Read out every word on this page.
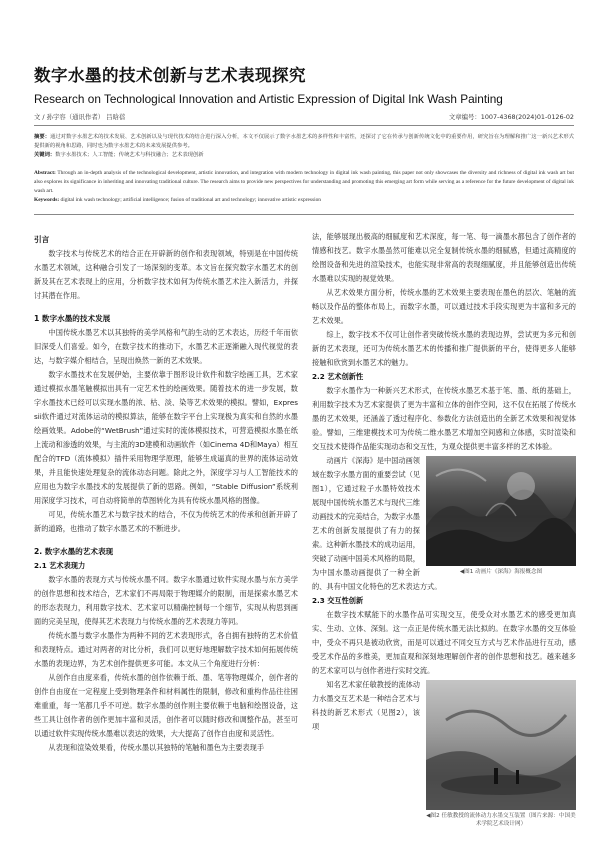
数字水墨的技术创新与艺术表现探究
Research on Technological Innovation and Artistic Expression of Digital Ink Wash Painting
文 / 孙宇容（通讯作者） 吕晗蓓	文章编号：1007-4368(2024)01-0126-02
摘要：通过对数字水墨艺术的技术发展、艺术创新以及与现代技术的结合进行深入分析，本文不仅展示了数字水墨艺术的多样性和丰富性，还探讨了它在传承与创新传统文化中的重要作用，研究旨在为理解和推广这一新兴艺术形式提供新的视角和思路，同时也为数字水墨艺术的未来发展提供参考。
关键词：数字水墨技术；人工智能；传统艺术与科技融合；艺术表现创新
Abstract: Through an in-depth analysis of the technological development, artistic innovation, and integration with modern technology in digital ink wash painting, this paper not only showcases the diversity and richness of digital ink wash art but also explores its significance in inheriting and innovating traditional culture. The research aims to provide new perspectives for understanding and promoting this emerging art form while serving as a reference for the future development of digital ink wash art.
Keywords: digital ink wash technology; artificial intelligence; fusion of traditional art and technology; innovative artistic expression
引言

数字技术与传统艺术的结合正在开辟新的创作和表现领域，特别是在中国传统水墨艺术领域，这种融合引发了一场深刻的变革。本文旨在探究数字水墨艺术的创新及其在艺术表现上的应用，分析数字技术如何为传统水墨艺术注入新活力，并探讨其潜在作用。

1 数字水墨的技术发展

中国传统水墨艺术以其独特的美学风格和气韵生动的艺术表达，历经千年而依旧深受人们喜爱。如今，在数字技术的推动下，水墨艺术正逐渐融入现代视觉的表达，与数字媒介相结合，呈现出焕然一新的艺术效果。

数字水墨技术在发展伊始，主要依靠于图形设计软件和数字绘画工具，艺术家通过模拟水墨笔触模拟出具有一定艺术性的绘画效果。随着技术的进一步发展，数字水墨技术已经可以实现水墨的浓、枯、淡、染等艺术效果的模拟。譬如，Expressii软件通过对流体运动的模拟算法，能够在数字平台上实现极为真实和自然的水墨绘画效果。Adobe的“WetBrush”通过实时的流体模拟技术，可营造模拟水墨在纸上流动和渗透的效果，与主流的3D建模和动画软件（如Cinema 4D和Maya）相互配合的TFD（流体模拟）插件采用物理学原理，能够生成逼真的世界的流体运动效果，并且能快速处理复杂的流体动态问题。除此之外，深度学习与人工智能技术的应用也为数字水墨技术的发展提供了新的思路。例如，“Stable Diffusion”系统利用深度学习技术，可自动将简单的草图转化为具有传统水墨风格的图像。

可见，传统水墨艺术与数字技术的结合，不仅为传统艺术的传承和创新开辟了新的道路，也推动了数字水墨艺术的不断进步。

2. 数字水墨的艺术表现
2.1 艺术表现力

数字水墨的表现方式与传统水墨不同。数字水墨通过软件实现水墨与东方美学的创作思想和技术结合，艺术家们不再局限于物理媒介的限制，而是探索水墨艺术的形态表现力，利用数字技术、艺术家可以精确控制每一个细节，实现从构思到画面的完美呈现，使得其艺术表现力与传统水墨的艺术表现力等同。

传统水墨与数字水墨作为两种不同的艺术表现形式，各自拥有独特的艺术价值和表现特点。通过对两者的对比分析，我们可以更好地理解数字技术如何拓展传统水墨的表现边界，为艺术创作提供更多可能。本文从三个角度进行分析：

从创作自由度来看，传统水墨的创作依赖于纸、墨、笔等物理媒介，创作者的创作自由度在一定程度上受到物理条件和材料属性的限制，修改和重构作品往往困难重重，每一笔都几乎不可逆。数字水墨的创作则主要依赖于电脑和绘图设备，这些工具让创作者的创作更加丰富和灵活，创作者可以随时修改和调整作品，甚至可以通过软件实现传统水墨难以表达的效果，大大提高了创作自由度和灵活性。

从表现和渲染效果看，传统水墨以其独特的笔触和墨色为主要表现手

法，能够展现出极高的细腻度和艺术深度，每一笔、每一滴墨水都包含了创作者的情感和技艺。数字水墨虽然可能难以完全复制传统水墨的细腻感，但通过高精度的绘图设备和先进的渲染技术，也能实现非常高的表现细腻度，并且能够创造出传统水墨难以实现的视觉效果。

从艺术效果方面分析，传统水墨的艺术效果主要表现在墨色的层次、笔触的流畅以及作品的整体布局上，而数字水墨，可以通过技术手段实现更为丰富和多元的艺术效果。

综上，数字技术不仅可让创作者突破传统水墨的表现边界，尝试更为多元和创新的艺术表现，还可为传统水墨艺术的传播和推广提供新的平台，使得更多人能够接触和欣赏到水墨艺术的魅力。

2.2 艺术创新性

数字水墨作为一种新兴艺术形式，在传统水墨艺术基于笔、墨、纸的基础上，利用数字技术为艺术家提供了更为丰富和立体的创作空间，这不仅在拓展了传统水墨的艺术效果，还涵盖了透过程序化、参数化方法创造出的全新艺术效果和视觉体验。譬如，三维建模技术可为传统二维水墨艺术增加空间感和立体感，实时渲染和交互技术使得作品能实现动态和交互性，为观众提供更丰富多样的艺术体验。

◀图1 动画片《深海》海报概念图

动画片《深海》是中国动画领域在数字水墨方面的重要尝试（见图1），它通过粒子水墨特效技术展现中国传统水墨艺术与现代三维动画技术的完美结合，为数字水墨艺术的创新发展提供了有力的探索。这种新水墨技术的成功运用，突破了动画中国美术风格的局限，为中国水墨动画提供了一种全新的、具有中国文化特色的艺术表达方式。

2.3 交互性创新

在数字技术赋能下的水墨作品可实现交互，使受众对水墨艺术的感受更加真实、生动、立体、深刻。这一点正是传统水墨无法比拟的。在数字水墨的交互体验中，受众不再只是被动欣赏，而是可以通过不同交互方式与艺术作品进行互动，感受艺术作品的多维美，更加直观和深刻地理解创作者的创作思想和技艺。越来越多的艺术家可以与创作者进行实时交流。

◀图2 任敏教授的流体动力水墨交互装置（图片来源：中国美术学院艺术设计网）

知名艺术家任敏教授的流体动力水墨交互艺术是一种结合艺术与科技的新艺术形式（见图2），该项
